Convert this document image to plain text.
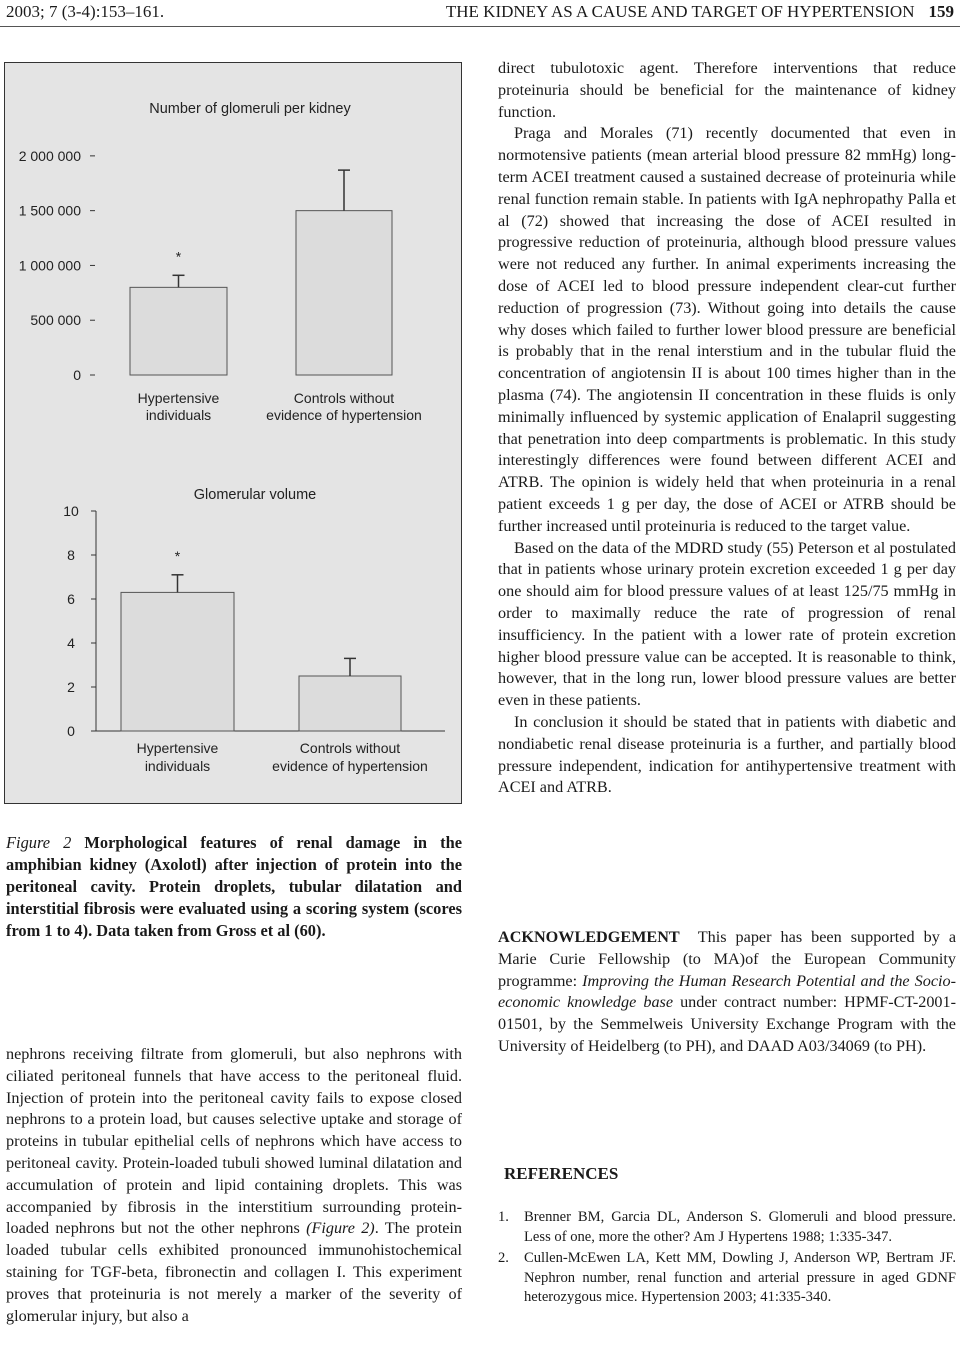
2003; 7 (3-4):153–161.	THE KIDNEY AS A CAUSE AND TARGET OF HYPERTENSION 159
Number of glomeruli per kidney
0
500 000
1 000 000
1 500 000
2 000 000
*
Hypertensive
individuals
Controls without
evidence of hypertension
Glomerular volume
0
2
4
6
8
10
*
Hypertensive
individuals
Controls without
evidence of hypertension
Figure 2 Morphological features of renal damage in the amphibian kidney (Axolotl) after injection of protein into the peritoneal cavity. Protein droplets, tubular dilatation and interstitial fibrosis were evaluated using a scoring system (scores from 1 to 4). Data taken from Gross et al (60).

nephrons receiving filtrate from glomeruli, but also nephrons with ciliated peritoneal funnels that have access to the peritoneal fluid. Injection of protein into the peritoneal cavity fails to expose closed nephrons to a protein load, but causes selective uptake and storage of proteins in tubular epithelial cells of nephrons which have access to peritoneal cavity. Protein-loaded tubuli showed luminal dilatation and accumulation of protein and lipid containing droplets. This was accompanied by fibrosis in the interstitium surrounding protein-loaded nephrons but not the other nephrons (Figure 2). The protein loaded tubular cells exhibited pronounced immunohistochemical staining for TGF-beta, fibronectin and collagen I. This experiment proves that proteinuria is not merely a marker of the severity of glomerular injury, but also a

direct tubulotoxic agent. Therefore interventions that reduce proteinuria should be beneficial for the maintenance of kidney function.

Praga and Morales (71) recently documented that even in normotensive patients (mean arterial blood pressure 82 mmHg) long-term ACEI treatment caused a sustained decrease of proteinuria while renal function remain stable. In patients with IgA nephropathy Palla et al (72) showed that increasing the dose of ACEI resulted in progressive reduction of proteinuria, although blood pressure values were not reduced any further. In animal experiments increasing the dose of ACEI led to blood pressure independent clear-cut further reduction of progression (73). Without going into details the cause why doses which failed to further lower blood pressure are beneficial is probably that in the renal interstium and in the tubular fluid the concentration of angiotensin II is about 100 times higher than in the plasma (74). The angiotensin II concentration in these fluids is only minimally influenced by systemic application of Enalapril suggesting that penetration into deep compartments is problematic. In this study interestingly differences were found between different ACEI and ATRB. The opinion is widely held that when proteinuria in a renal patient exceeds 1 g per day, the dose of ACEI or ATRB should be further increased until proteinuria is reduced to the target value.

Based on the data of the MDRD study (55) Peterson et al postulated that in patients whose urinary protein excretion exceeded 1 g per day one should aim for blood pressure values of at least 125/75 mmHg in order to maximally reduce the rate of progression of renal insufficiency. In the patient with a lower rate of protein excretion higher blood pressure value can be accepted. It is reasonable to think, however, that in the long run, lower blood pressure values are better even in these patients.

In conclusion it should be stated that in patients with diabetic and nondiabetic renal disease proteinuria is a further, and partially blood pressure independent, indication for antihypertensive treatment with ACEI and ATRB.

ACKNOWLEDGEMENT This paper has been supported by a Marie Curie Fellowship (to MA)of the European Community programme: Improving the Human Research Potential and the Socio-economic knowledge base under contract number: HPMF-CT-2001-01501, by the Semmelweis University Exchange Program with the University of Heidelberg (to PH), and DAAD A03/34069 (to PH).

REFERENCES
1. Brenner BM, Garcia DL, Anderson S. Glomeruli and blood pressure. Less of one, more the other? Am J Hypertens 1988; 1:335-347.
2. Cullen-McEwen LA, Kett MM, Dowling J, Anderson WP, Bertram JF. Nephron number, renal function and arterial pressure in aged GDNF heterozygous mice. Hypertension 2003; 41:335-340.
